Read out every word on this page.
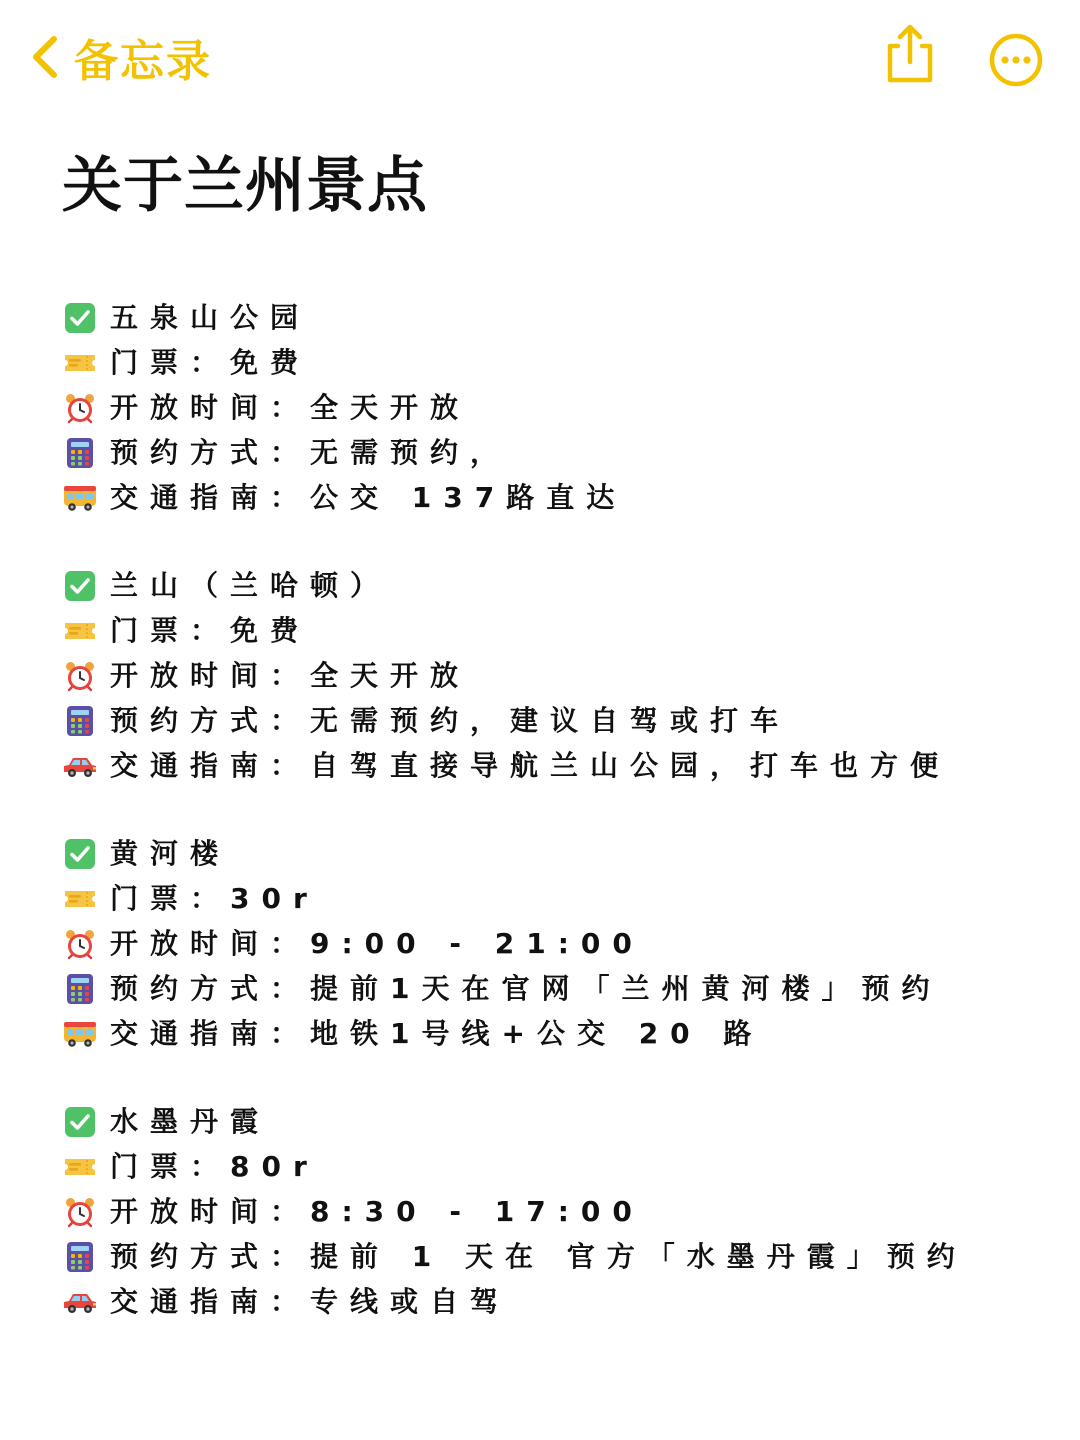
备忘录
关于兰州景点
五泉山公园
门票：免费
开放时间：全天开放
预约方式：无需预约，
交通指南：公交 137路直达
兰山（兰哈顿）
门票：免费
开放时间：全天开放
预约方式：无需预约，建议自驾或打车
交通指南：自驾直接导航兰山公园，打车也方便
黄河楼
门票：30r
开放时间：9:00 - 21:00
预约方式：提前1天在官网「兰州黄河楼」预约
交通指南：地铁1号线+公交 20 路
水墨丹霞
门票：80r
开放时间：8:30 - 17:00
预约方式：提前 1 天在 官方「水墨丹霞」预约
交通指南：专线或自驾
